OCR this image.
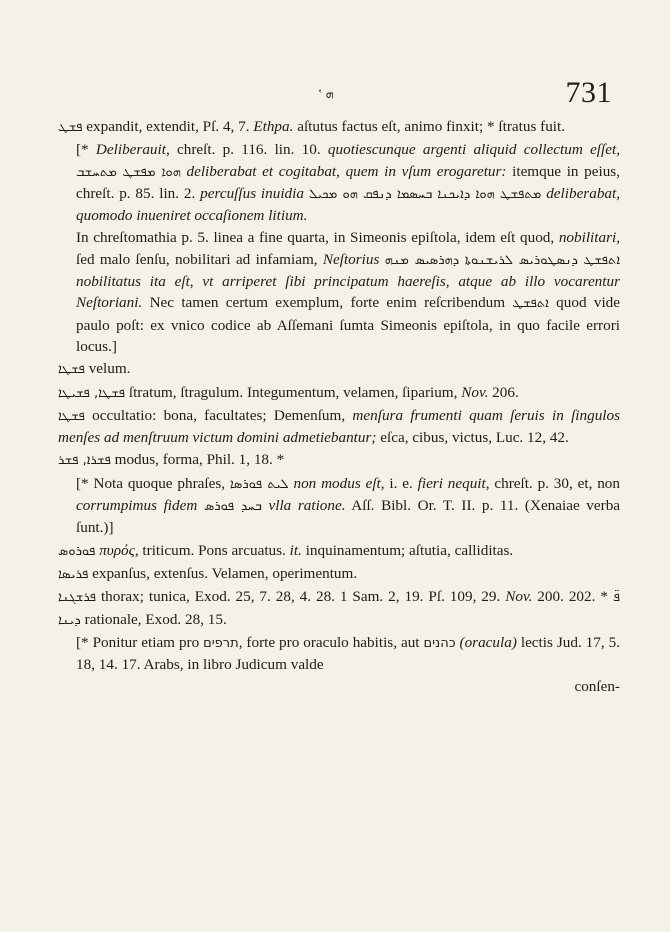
ʽ ܗ	731

ܦܫܛ expandit, extendit, Pſ. 4, 7. Ethpa. aſtutus factus eſt, animo finxit; * ſtratus fuit.

[* Deliberauit, chreſt. p. 116. lin. 10. quotiescunque argenti aliquid collectum eſſet, ܡܬܚܫܒ ܗܘܐ ܡܦܫܛ deliberabat et cogitabat, quem in vſum erogaretur: itemque in peius, chreſt. p. 85. lin. 2. percuſſus inuidia ܒܚܣܡܐ ܕܢܦܩ ܗܘ ܡܟܝܠ ܡܬܦܫܛ ܗܘܐ ܕܐܝܟܢܐ deliberabat, quomodo inueniret occaſionem litium.

In chreſtomathia p. 5. linea a fine quarta, in Simeonis epiſtola, idem eſt quod, nobilitari, ſed malo ſenſu, nobilitari ad infamiam, Neſtorius ܐܬܦܫܛ ܕܢܣܛܘܪܝܣ ܠܪܝܫܢܘܬܐ ܕܗܪܣܝܣ ܡܢܗ nobilitatus ita eſt, vt arriperet ſibi principatum haereſis, atque ab illo vocarentur Neſtoriani. Nec tamen certum exemplum, forte enim reſcribendum ܐܬܦܫܛ quod vide paulo poſt: ex vnico codice ab Aſſemani ſumta Simeonis epiſtola, in quo facile errori locus.]

ܦܫܛܐ velum.

ܦܫܛܐ, ܦܫܝܛܐ ſtratum, ſtragulum. Integumentum, velamen, ſiparium, Nov. 206.

ܦܫܛܐ occultatio: bona, facultates; Demenſum, menſura frumenti quam ſeruis in ſingulos menſes ad menſtruum victum domini admetiebantur; eſca, cibus, victus, Luc. 12, 42.

ܦܫܪܐ, ܦܫܪ modus, forma, Phil. 1, 18. *

[* Nota quoque phraſes, ܠܝܬ ܦܘܪܣܐ non modus eſt, i. e. fieri nequit, chreſt. p. 30, et, non corrumpimus fidem ܒܚܕ ܦܘܪܣ vlla ratione. Aſſ. Bibl. Or. T. II. p. 11. (Xenaiae verba ſunt.)]

ܦܘܪܘܣ πυρός, triticum. Pons arcuatus. it. inquinamentum; aſtutia, calliditas.

ܦܪܝܣܐ expanſus, extenſus. Velamen, operimentum.

ܦܪܫܓܢܐ thorax; tunica, Exod. 25, 7. 28, 4. 28. 1 Sam. 2, 19. Pſ. 109, 29. Nov. 200. 202. * ܦ̈ ܕܝܢܐ rationale, Exod. 28, 15.

[* Ponitur etiam pro תרפים, forte pro oraculo habitis, aut כהנים (oracula) lectis Jud. 17, 5. 18, 14. 17. Arabs, in libro Judicum valde

conſen-
